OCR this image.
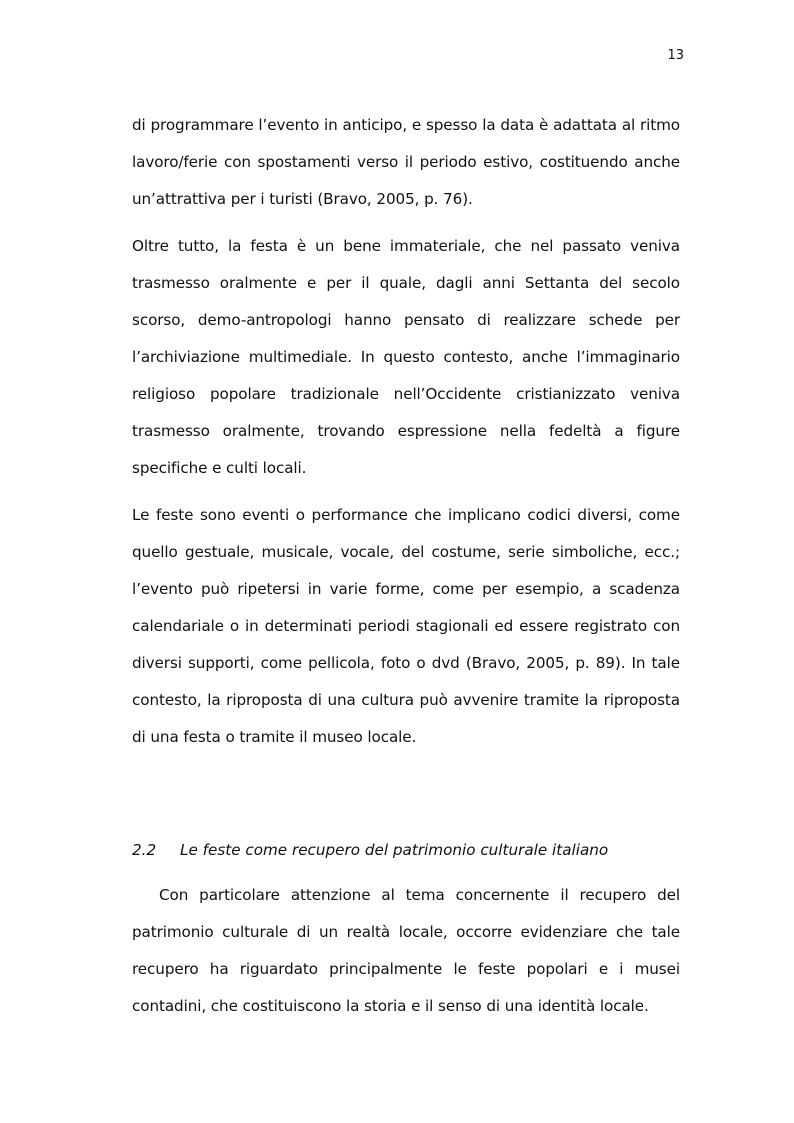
13

di programmare l’evento in anticipo, e spesso la data è adattata al ritmo lavoro/ferie con spostamenti verso il periodo estivo, costituendo anche un’attrattiva per i turisti (Bravo, 2005, p. 76).

Oltre tutto, la festa è un bene immateriale, che nel passato veniva trasmesso oralmente e per il quale, dagli anni Settanta del secolo scorso, demo-antropologi hanno pensato di realizzare schede per l’archiviazione multimediale. In questo contesto, anche l’immaginario religioso popolare tradizionale nell’Occidente cristianizzato veniva trasmesso oralmente, trovando espressione nella fedeltà a figure specifiche e culti locali.

Le feste sono eventi o performance che implicano codici diversi, come quello gestuale, musicale, vocale, del costume, serie simboliche, ecc.; l’evento può ripetersi in varie forme, come per esempio, a scadenza calendariale o in determinati periodi stagionali ed essere registrato con diversi supporti, come pellicola, foto o dvd (Bravo, 2005, p. 89). In tale contesto, la riproposta di una cultura può avvenire tramite la riproposta di una festa o tramite il museo locale.

2.2	Le feste come recupero del patrimonio culturale italiano

Con particolare attenzione al tema concernente il recupero del patrimonio culturale di un realtà locale, occorre evidenziare che tale recupero ha riguardato principalmente le feste popolari e i musei contadini, che costituiscono la storia e il senso di una identità locale.
